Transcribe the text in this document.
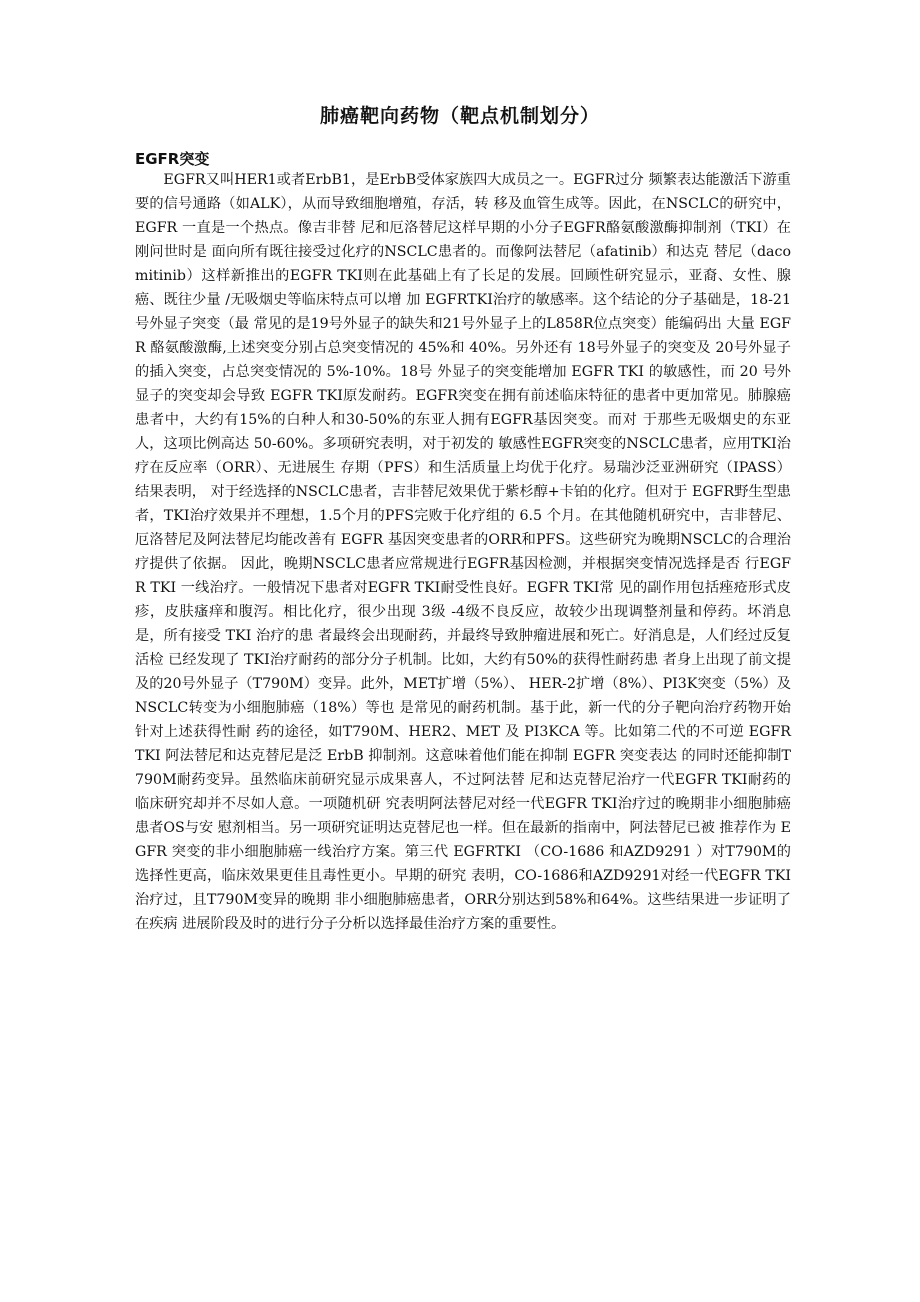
肺癌靶向药物（靶点机制划分）
EGFR突变

EGFR又叫HER1或者ErbB1，是ErbB受体家族四大成员之一。EGFR过分 频繁表达能激活下游重要的信号通路（如ALK），从而导致细胞增殖，存活，转 移及血管生成等。因此，在NSCLC的研究中，EGFR 一直是一个热点。像吉非替 尼和厄洛替尼这样早期的小分子EGFR酪氨酸激酶抑制剂（TKI）在刚问世时是 面向所有既往接受过化疗的NSCLC患者的。而像阿法替尼（afatinib）和达克 替尼（dacomitinib）这样新推出的EGFR TKI则在此基础上有了长足的发展。回顾性研究显示，亚裔、女性、腺癌、既往少量 /无吸烟史等临床特点可以增 加 EGFRTKI治疗的敏感率。这个结论的分子基础是，18-21 号外显子突变（最 常见的是19号外显子的缺失和21号外显子上的L858R位点突变）能编码出 大量 EGFR 酪氨酸激酶,上述突变分别占总突变情况的 45%和 40%。另外还有 18号外显子的突变及 20号外显子的插入突变，占总突变情况的 5%-10%。18号 外显子的突变能增加 EGFR TKI 的敏感性，而 20 号外显子的突变却会导致 EGFR TKI原发耐药。EGFR突变在拥有前述临床特征的患者中更加常见。肺腺癌 患者中，大约有15%的白种人和30-50%的东亚人拥有EGFR基因突变。而对 于那些无吸烟史的东亚人，这项比例高达 50-60%。多项研究表明，对于初发的 敏感性EGFR突变的NSCLC患者，应用TKI治疗在反应率（ORR）、无进展生 存期（PFS）和生活质量上均优于化疗。易瑞沙泛亚洲研究（IPASS）结果表明， 对于经选择的NSCLC患者，吉非替尼效果优于紫杉醇+卡铂的化疗。但对于 EGFR野生型患者，TKI治疗效果并不理想，1.5个月的PFS完败于化疗组的 6.5 个月。在其他随机研究中，吉非替尼、厄洛替尼及阿法替尼均能改善有 EGFR 基因突变患者的ORR和PFS。这些研究为晚期NSCLC的合理治疗提供了依据。 因此，晚期NSCLC患者应常规进行EGFR基因检测，并根据突变情况选择是否 行EGFR TKI 一线治疗。一般情况下患者对EGFR TKI耐受性良好。EGFR TKI常 见的副作用包括痤疮形式皮疹，皮肤瘙痒和腹泻。相比化疗，很少出现 3级 -4级不良反应，故较少出现调整剂量和停药。坏消息是，所有接受 TKI 治疗的患 者最终会出现耐药，并最终导致肿瘤进展和死亡。好消息是，人们经过反复活检 已经发现了 TKI治疗耐药的部分分子机制。比如，大约有50%的获得性耐药患 者身上出现了前文提及的20号外显子（T790M）变异。此外，MET扩增（5%）、 HER-2扩增（8%）、PI3K突变（5%）及NSCLC转变为小细胞肺癌（18%）等也 是常见的耐药机制。基于此，新一代的分子靶向治疗药物开始针对上述获得性耐 药的途径，如T790M、HER2、MET 及 PI3KCA 等。比如第二代的不可逆 EGFR TKI 阿法替尼和达克替尼是泛 ErbB 抑制剂。这意味着他们能在抑制 EGFR 突变表达 的同时还能抑制T790M耐药变异。虽然临床前研究显示成果喜人，不过阿法替 尼和达克替尼治疗一代EGFR TKI耐药的临床研究却并不尽如人意。一项随机研 究表明阿法替尼对经一代EGFR TKI治疗过的晚期非小细胞肺癌患者OS与安 慰剂相当。另一项研究证明达克替尼也一样。但在最新的指南中，阿法替尼已被 推荐作为 EGFR 突变的非小细胞肺癌一线治疗方案。第三代 EGFRTKI （CO-1686 和AZD9291 ）对T790M的选择性更高，临床效果更佳且毒性更小。早期的研究 表明，CO-1686和AZD9291对经一代EGFR TKI治疗过，且T790M变异的晚期 非小细胞肺癌患者，ORR分别达到58%和64%。这些结果进一步证明了在疾病 进展阶段及时的进行分子分析以选择最佳治疗方案的重要性。
